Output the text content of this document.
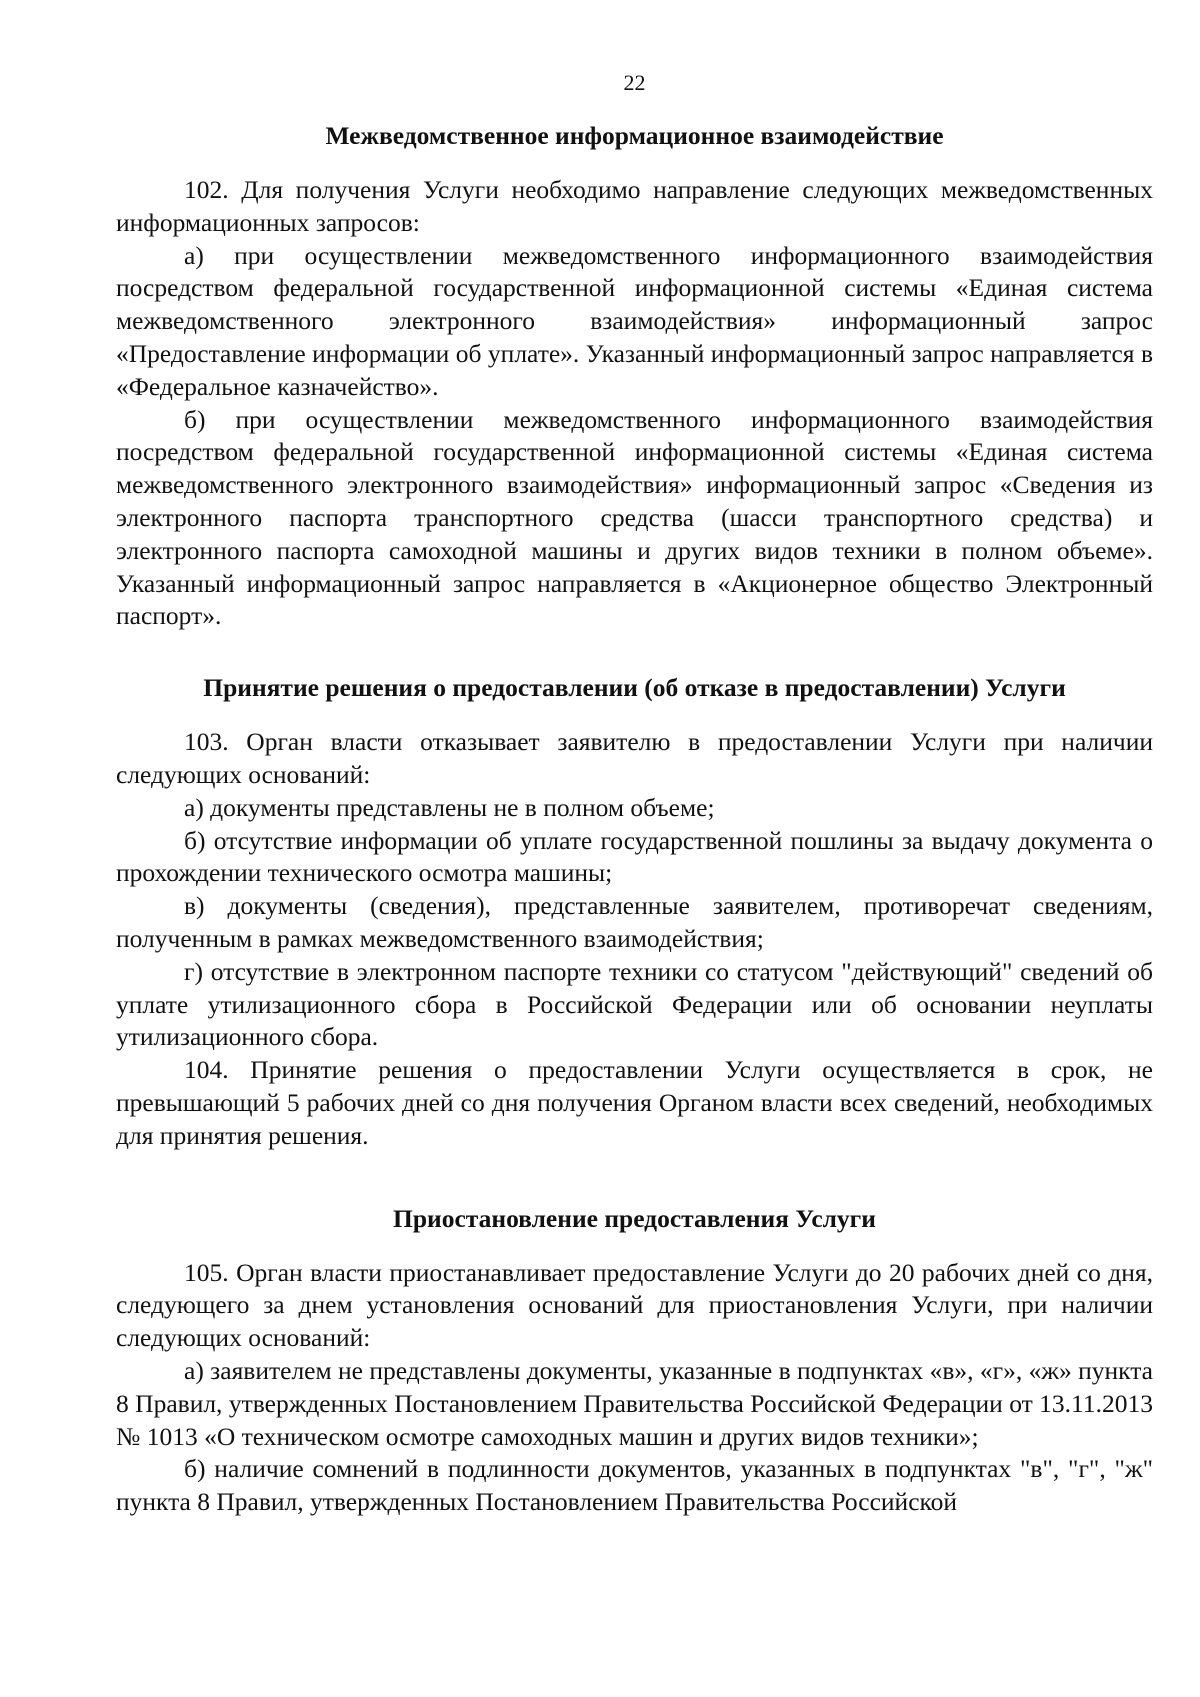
22
Межведомственное информационное взаимодействие

102. Для получения Услуги необходимо направление следующих межведомственных информационных запросов:

а) при осуществлении межведомственного информационного взаимодействия посредством федеральной государственной информационной системы «Единая система межведомственного электронного взаимодействия» информационный запрос «Предоставление информации об уплате». Указанный информационный запрос направляется в «Федеральное казначейство».

б) при осуществлении межведомственного информационного взаимодействия посредством федеральной государственной информационной системы «Единая система межведомственного электронного взаимодействия» информационный запрос «Сведения из электронного паспорта транспортного средства (шасси транспортного средства) и электронного паспорта самоходной машины и других видов техники в полном объеме». Указанный информационный запрос направляется в «Акционерное общество Электронный паспорт».

Принятие решения о предоставлении (об отказе в предоставлении) Услуги

103. Орган власти отказывает заявителю в предоставлении Услуги при наличии следующих оснований:

а) документы представлены не в полном объеме;

б) отсутствие информации об уплате государственной пошлины за выдачу документа о прохождении технического осмотра машины;

в) документы (сведения), представленные заявителем, противоречат сведениям, полученным в рамках межведомственного взаимодействия;

г) отсутствие в электронном паспорте техники со статусом "действующий" сведений об уплате утилизационного сбора в Российской Федерации или об основании неуплаты утилизационного сбора.

104. Принятие решения о предоставлении Услуги осуществляется в срок, не превышающий 5 рабочих дней со дня получения Органом власти всех сведений, необходимых для принятия решения.

Приостановление предоставления Услуги

105. Орган власти приостанавливает предоставление Услуги до 20 рабочих дней со дня, следующего за днем установления оснований для приостановления Услуги, при наличии следующих оснований:

а) заявителем не представлены документы, указанные в подпунктах «в», «г», «ж» пункта 8 Правил, утвержденных Постановлением Правительства Российской Федерации от 13.11.2013 № 1013 «О техническом осмотре самоходных машин и других видов техники»;

б) наличие сомнений в подлинности документов, указанных в подпунктах "в", "г", "ж" пункта 8 Правил, утвержденных Постановлением Правительства Российской
